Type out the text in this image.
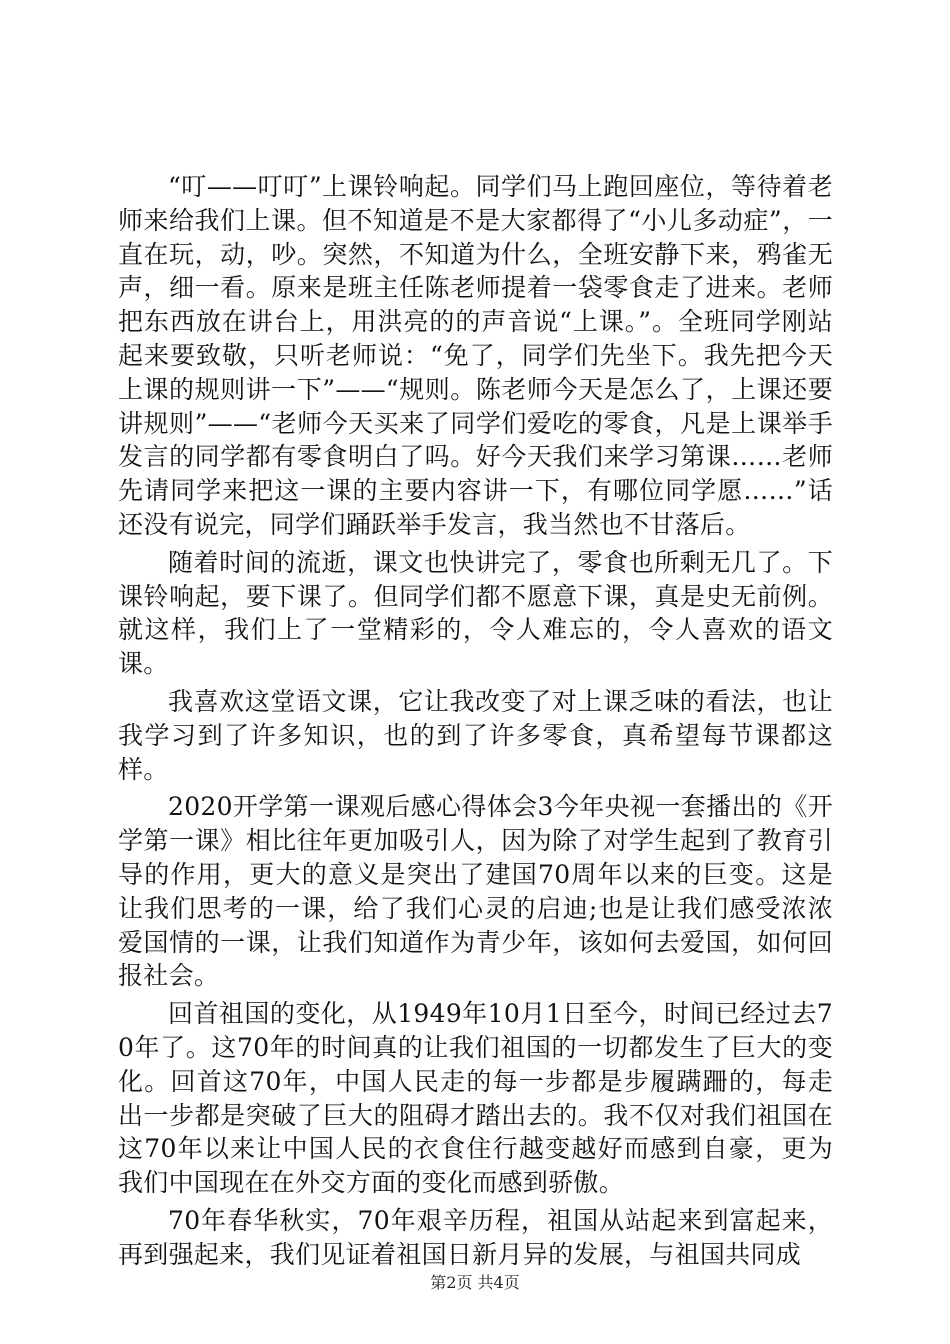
“叮——叮叮”上课铃响起。同学们马上跑回座位，等待着老师来给我们上课。但不知道是不是大家都得了“小儿多动症”，一直在玩，动，吵。突然，不知道为什么，全班安静下来，鸦雀无声，细一看。原来是班主任陈老师提着一袋零食走了进来。老师把东西放在讲台上，用洪亮的的声音说“上课。”。全班同学刚站起来要致敬，只听老师说：“免了，同学们先坐下。我先把今天上课的规则讲一下”——“规则。陈老师今天是怎么了，上课还要讲规则”——“老师今天买来了同学们爱吃的零食，凡是上课举手发言的同学都有零食明白了吗。好今天我们来学习第课……老师先请同学来把这一课的主要内容讲一下，有哪位同学愿……”话还没有说完，同学们踊跃举手发言，我当然也不甘落后。

随着时间的流逝，课文也快讲完了，零食也所剩无几了。下课铃响起，要下课了。但同学们都不愿意下课，真是史无前例。就这样，我们上了一堂精彩的，令人难忘的，令人喜欢的语文课。

我喜欢这堂语文课，它让我改变了对上课乏味的看法，也让我学习到了许多知识，也的到了许多零食，真希望每节课都这样。

2020开学第一课观后感心得体会3今年央视一套播出的《开学第一课》相比往年更加吸引人，因为除了对学生起到了教育引导的作用，更大的意义是突出了建国70周年以来的巨变。这是让我们思考的一课，给了我们心灵的启迪;也是让我们感受浓浓爱国情的一课，让我们知道作为青少年，该如何去爱国，如何回报社会。

回首祖国的变化，从1949年10月1日至今，时间已经过去70年了。这70年的时间真的让我们祖国的一切都发生了巨大的变化。回首这70年，中国人民走的每一步都是步履蹒跚的，每走出一步都是突破了巨大的阻碍才踏出去的。我不仅对我们祖国在这70年以来让中国人民的衣食住行越变越好而感到自豪，更为我们中国现在在外交方面的变化而感到骄傲。

70年春华秋实，70年艰辛历程，祖国从站起来到富起来，再到强起来，我们见证着祖国日新月异的发展，与祖国共同成

第2页 共4页
